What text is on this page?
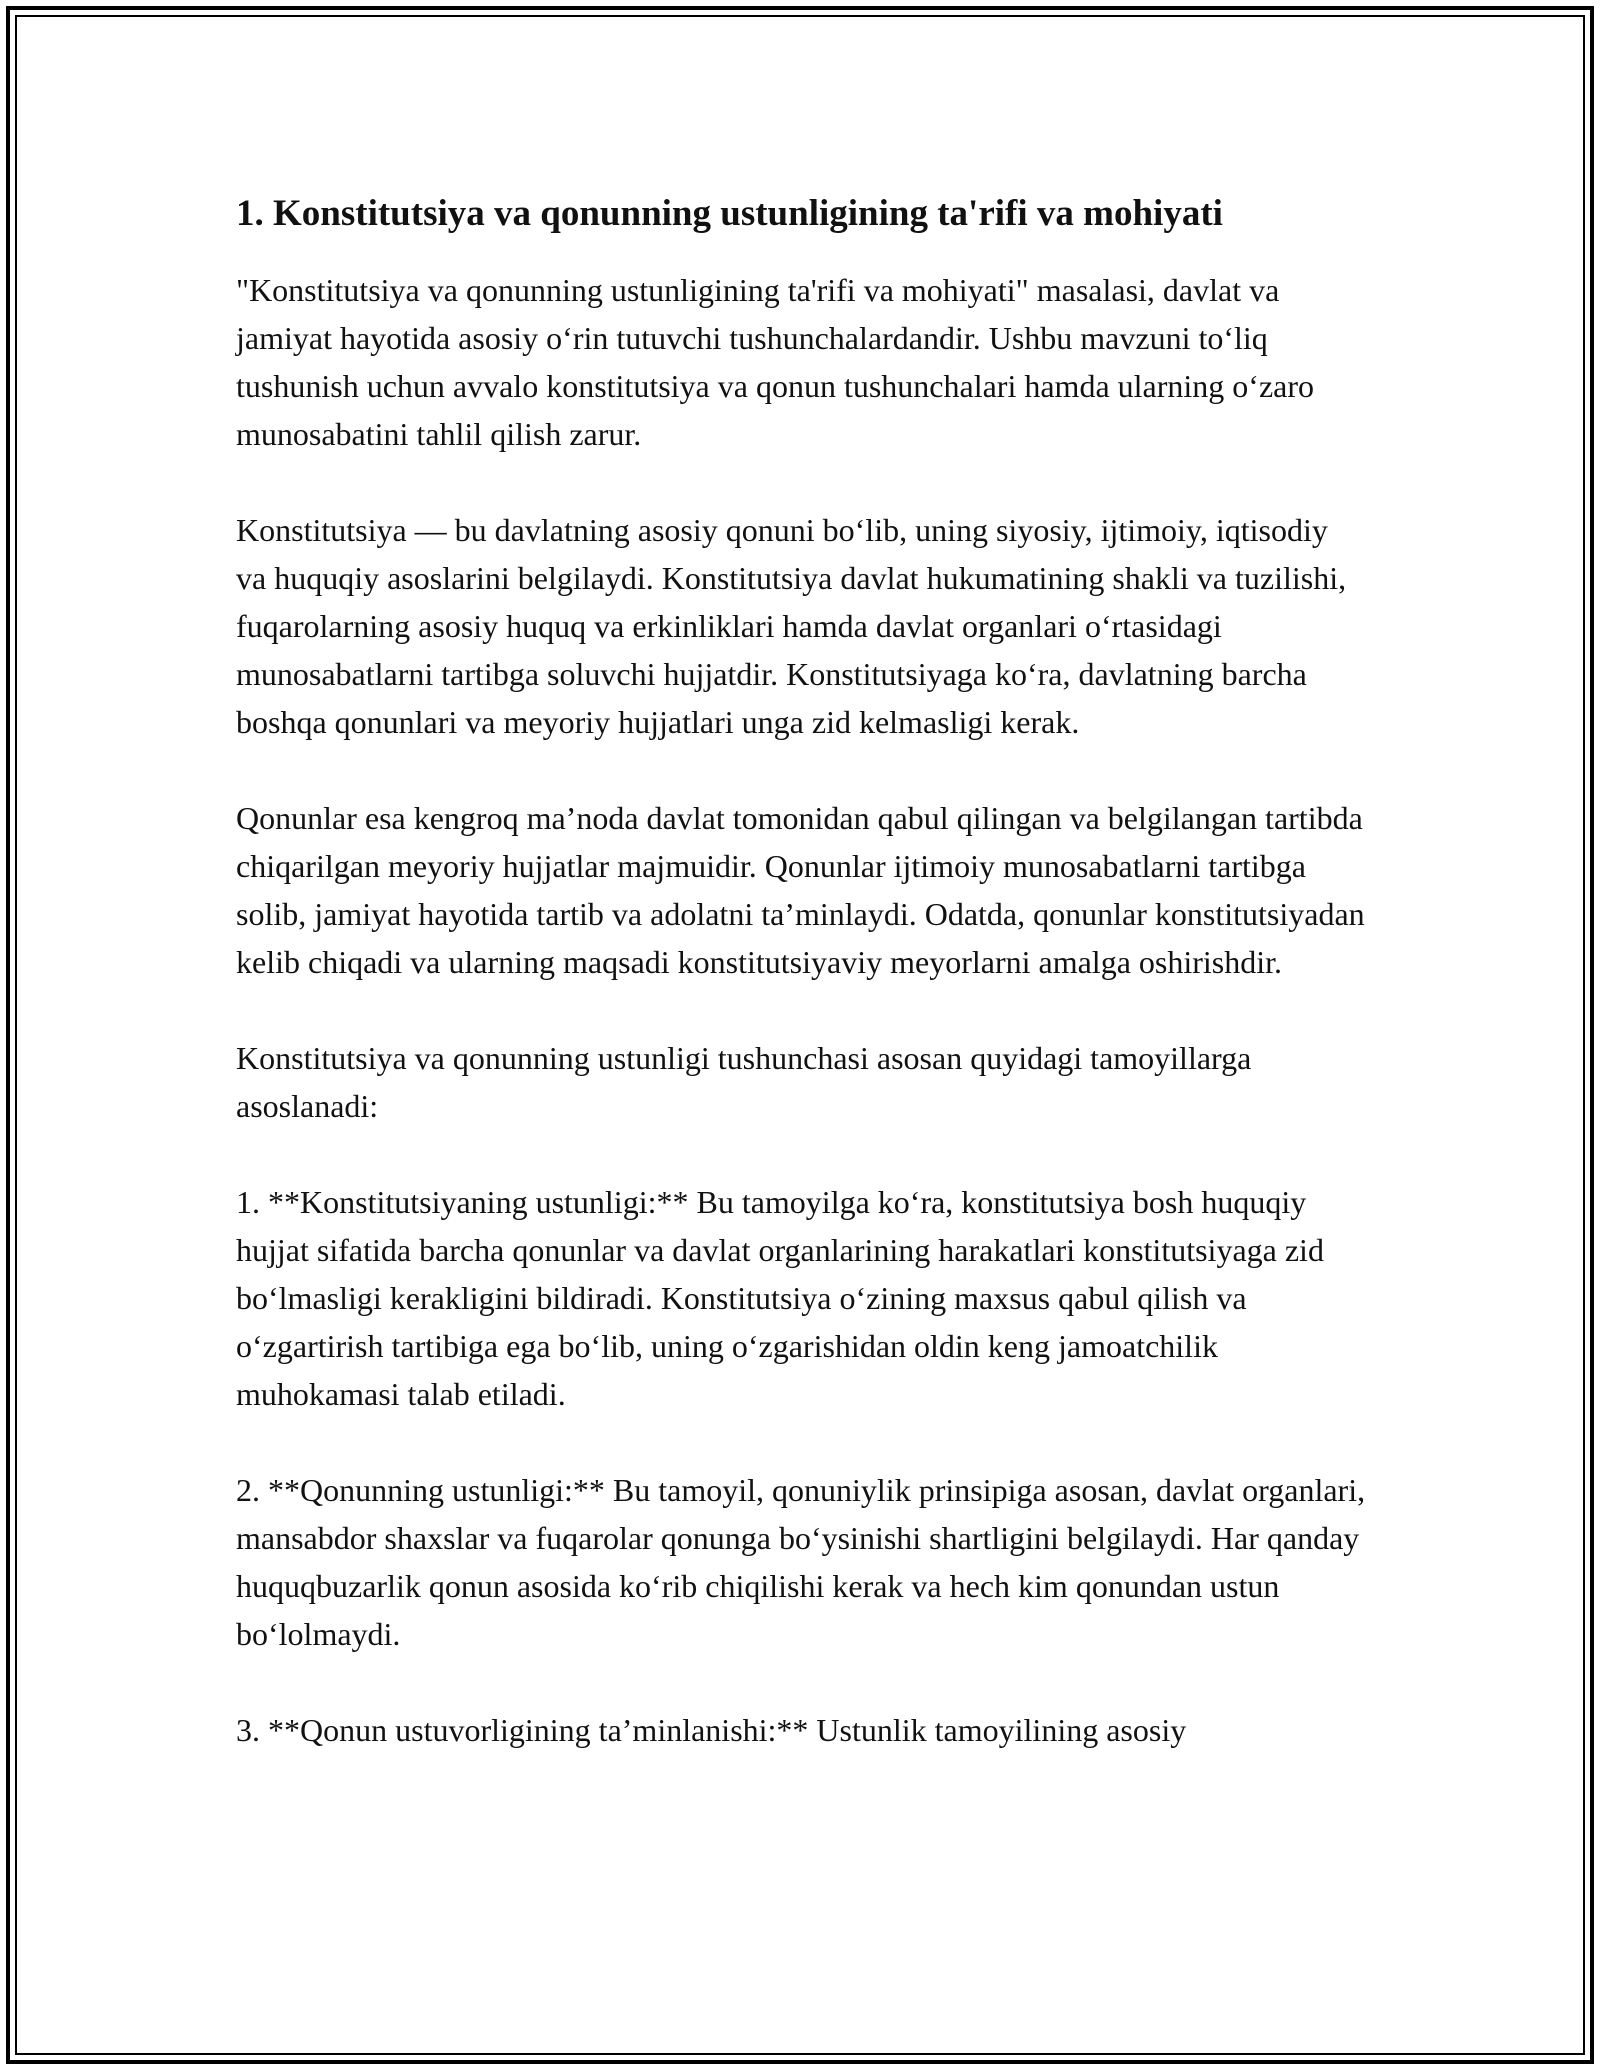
1. Konstitutsiya va qonunning ustunligining ta'rifi va mohiyati

"Konstitutsiya va qonunning ustunligining ta'rifi va mohiyati" masalasi, davlat va jamiyat hayotida asosiy o‘rin tutuvchi tushunchalardandir. Ushbu mavzuni to‘liq tushunish uchun avvalo konstitutsiya va qonun tushunchalari hamda ularning o‘zaro munosabatini tahlil qilish zarur.

Konstitutsiya — bu davlatning asosiy qonuni bo‘lib, uning siyosiy, ijtimoiy, iqtisodiy va huquqiy asoslarini belgilaydi. Konstitutsiya davlat hukumatining shakli va tuzilishi, fuqarolarning asosiy huquq va erkinliklari hamda davlat organlari o‘rtasidagi munosabatlarni tartibga soluvchi hujjatdir. Konstitutsiyaga ko‘ra, davlatning barcha boshqa qonunlari va meyoriy hujjatlari unga zid kelmasligi kerak.

Qonunlar esa kengroq ma’noda davlat tomonidan qabul qilingan va belgilangan tartibda chiqarilgan meyoriy hujjatlar majmuidir. Qonunlar ijtimoiy munosabatlarni tartibga solib, jamiyat hayotida tartib va adolatni ta’minlaydi. Odatda, qonunlar konstitutsiyadan kelib chiqadi va ularning maqsadi konstitutsiyaviy meyorlarni amalga oshirishdir.

Konstitutsiya va qonunning ustunligi tushunchasi asosan quyidagi tamoyillarga asoslanadi:

1. **Konstitutsiyaning ustunligi:** Bu tamoyilga ko‘ra, konstitutsiya bosh huquqiy hujjat sifatida barcha qonunlar va davlat organlarining harakatlari konstitutsiyaga zid bo‘lmasligi kerakligini bildiradi. Konstitutsiya o‘zining maxsus qabul qilish va o‘zgartirish tartibiga ega bo‘lib, uning o‘zgarishidan oldin keng jamoatchilik muhokamasi talab etiladi.

2. **Qonunning ustunligi:** Bu tamoyil, qonuniylik prinsipiga asosan, davlat organlari, mansabdor shaxslar va fuqarolar qonunga bo‘ysinishi shartligini belgilaydi. Har qanday huquqbuzarlik qonun asosida ko‘rib chiqilishi kerak va hech kim qonundan ustun bo‘lolmaydi.

3. **Qonun ustuvorligining ta’minlanishi:** Ustunlik tamoyilining asosiy
